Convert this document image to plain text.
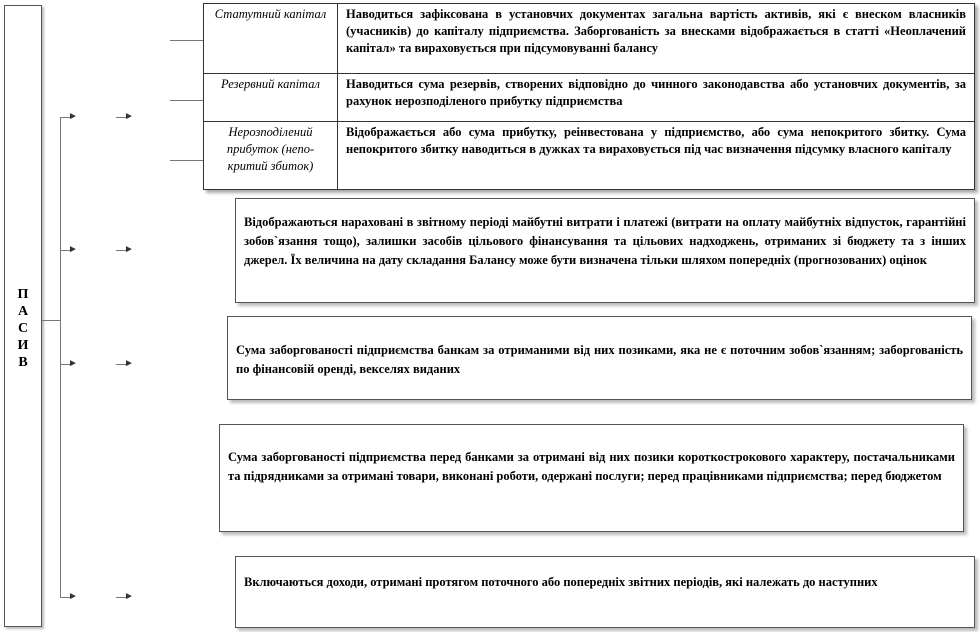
П
А
С
И
В
►	►
►	►
►	►
►	►
Статутний капітал	Наводиться зафіксована в установчих документах загальна вартість активів, які є внеском власників (учасників) до капіталу підприємства. Заборгованість за внесками відображається в статті «Неоплачений капітал» та вираховується при підсумовуванні балансу
Резервний капітал	Наводиться сума резервів, створених відповідно до чинного законодавства або установчих документів, за рахунок нерозподіленого прибутку підприємства
Нерозподілений прибуток (непо-критий збиток)	Відображається або сума прибутку, реінвестована у підприємство, або сума непокритого збитку. Сума непокритого збитку наводиться в дужках та вираховується під час визначення підсумку власного капіталу
Відображаються нараховані в звітному періоді майбутні витрати і платежі (витрати на оплату майбутніх відпусток, гарантійні зобов`язання тощо), залишки засобів цільового фінансування та цільових надходжень, отриманих зі бюджету та з інших джерел. Їх величина на дату складання Балансу може бути визначена тільки шляхом попередніх (прогнозованих) оцінок
Сума заборгованості підприємства банкам за отриманими від них позиками, яка не є поточним зобов`язанням; заборгованість по фінансовій оренді, векселях виданих
Сума заборгованості підприємства перед банками за отримані від них позики короткострокового характеру, постачальниками та підрядниками за отримані товари, виконані роботи, одержані послуги; перед працівниками підприємства; перед бюджетом
Включаються доходи, отримані протягом поточного або попередніх звітних періодів, які належать до наступних
